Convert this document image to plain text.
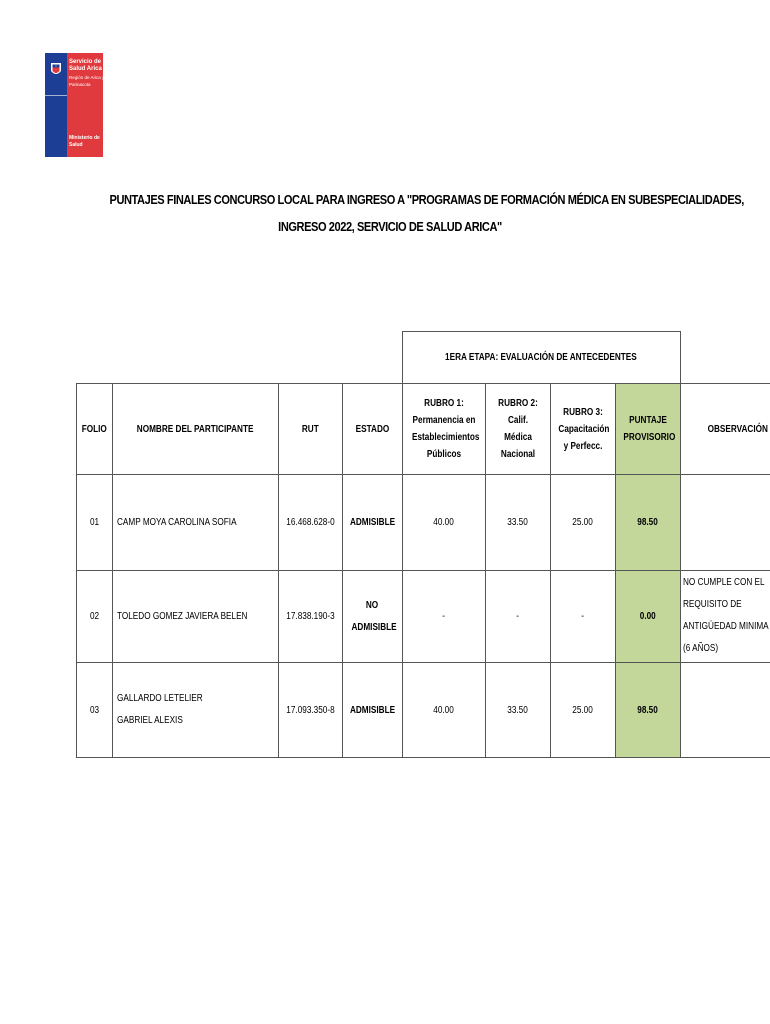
Servicio de Salud Arica
Región de Arica y Parinacota
Ministerio de Salud
PUNTAJES FINALES CONCURSO LOCAL PARA INGRESO A "PROGRAMAS DE FORMACIÓN MÉDICA EN SUBESPECIALIDADES,
INGRESO 2022, SERVICIO DE SALUD ARICA"
				1ERA ETAPA: EVALUACIÓN DE ANTECEDENTES				
FOLIO	NOMBRE DEL PARTICIPANTE	RUT	ESTADO	RUBRO 1: Permanencia en Establecimientos Públicos	RUBRO 2: Calif. Médica Nacional	RUBRO 3: Capacitación y Perfecc.	PUNTAJE PROVISORIO	OBSERVACIÓN
01	CAMP MOYA CAROLINA SOFIA	16.468.628-0	ADMISIBLE	40.00	33.50	25.00	98.50	

02	TOLEDO GOMEZ JAVIERA BELEN	17.838.190-3	NO ADMISIBLE	-	-	-	0.00	NO CUMPLE CON EL REQUISITO DE ANTIGÜEDAD MINIMA (6 AÑOS)

03	GALLARDO LETELIER GABRIEL ALEXIS	17.093.350-8	ADMISIBLE	40.00	33.50	25.00	98.50	
